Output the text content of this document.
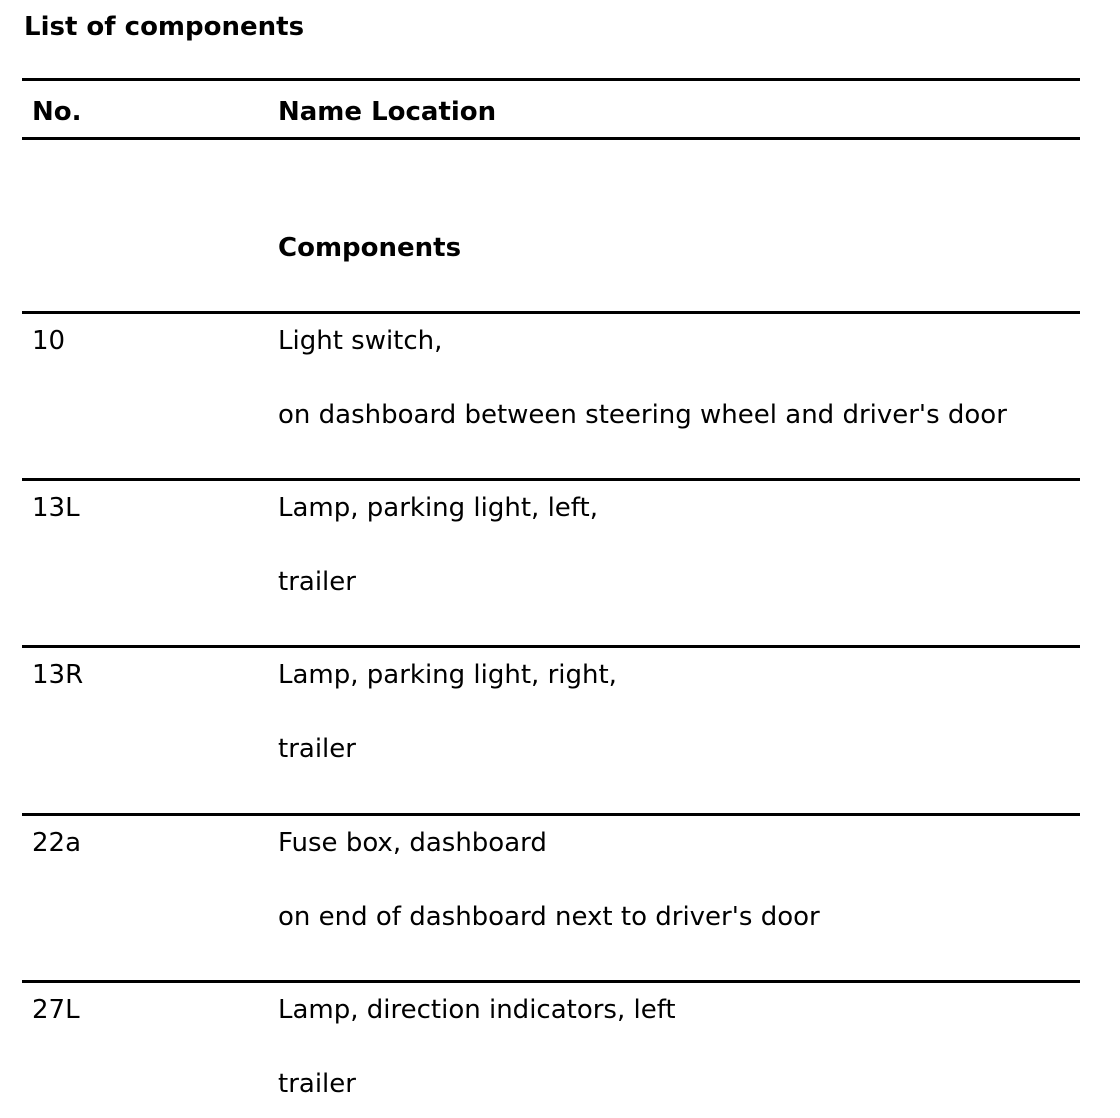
List of components
No.	Name Location
Components
10	Light switch,
on dashboard between steering wheel and driver's door
13L	Lamp, parking light, left,
trailer
13R	Lamp, parking light, right,
trailer
22a	Fuse box, dashboard
on end of dashboard next to driver's door
27L	Lamp, direction indicators, left
trailer
